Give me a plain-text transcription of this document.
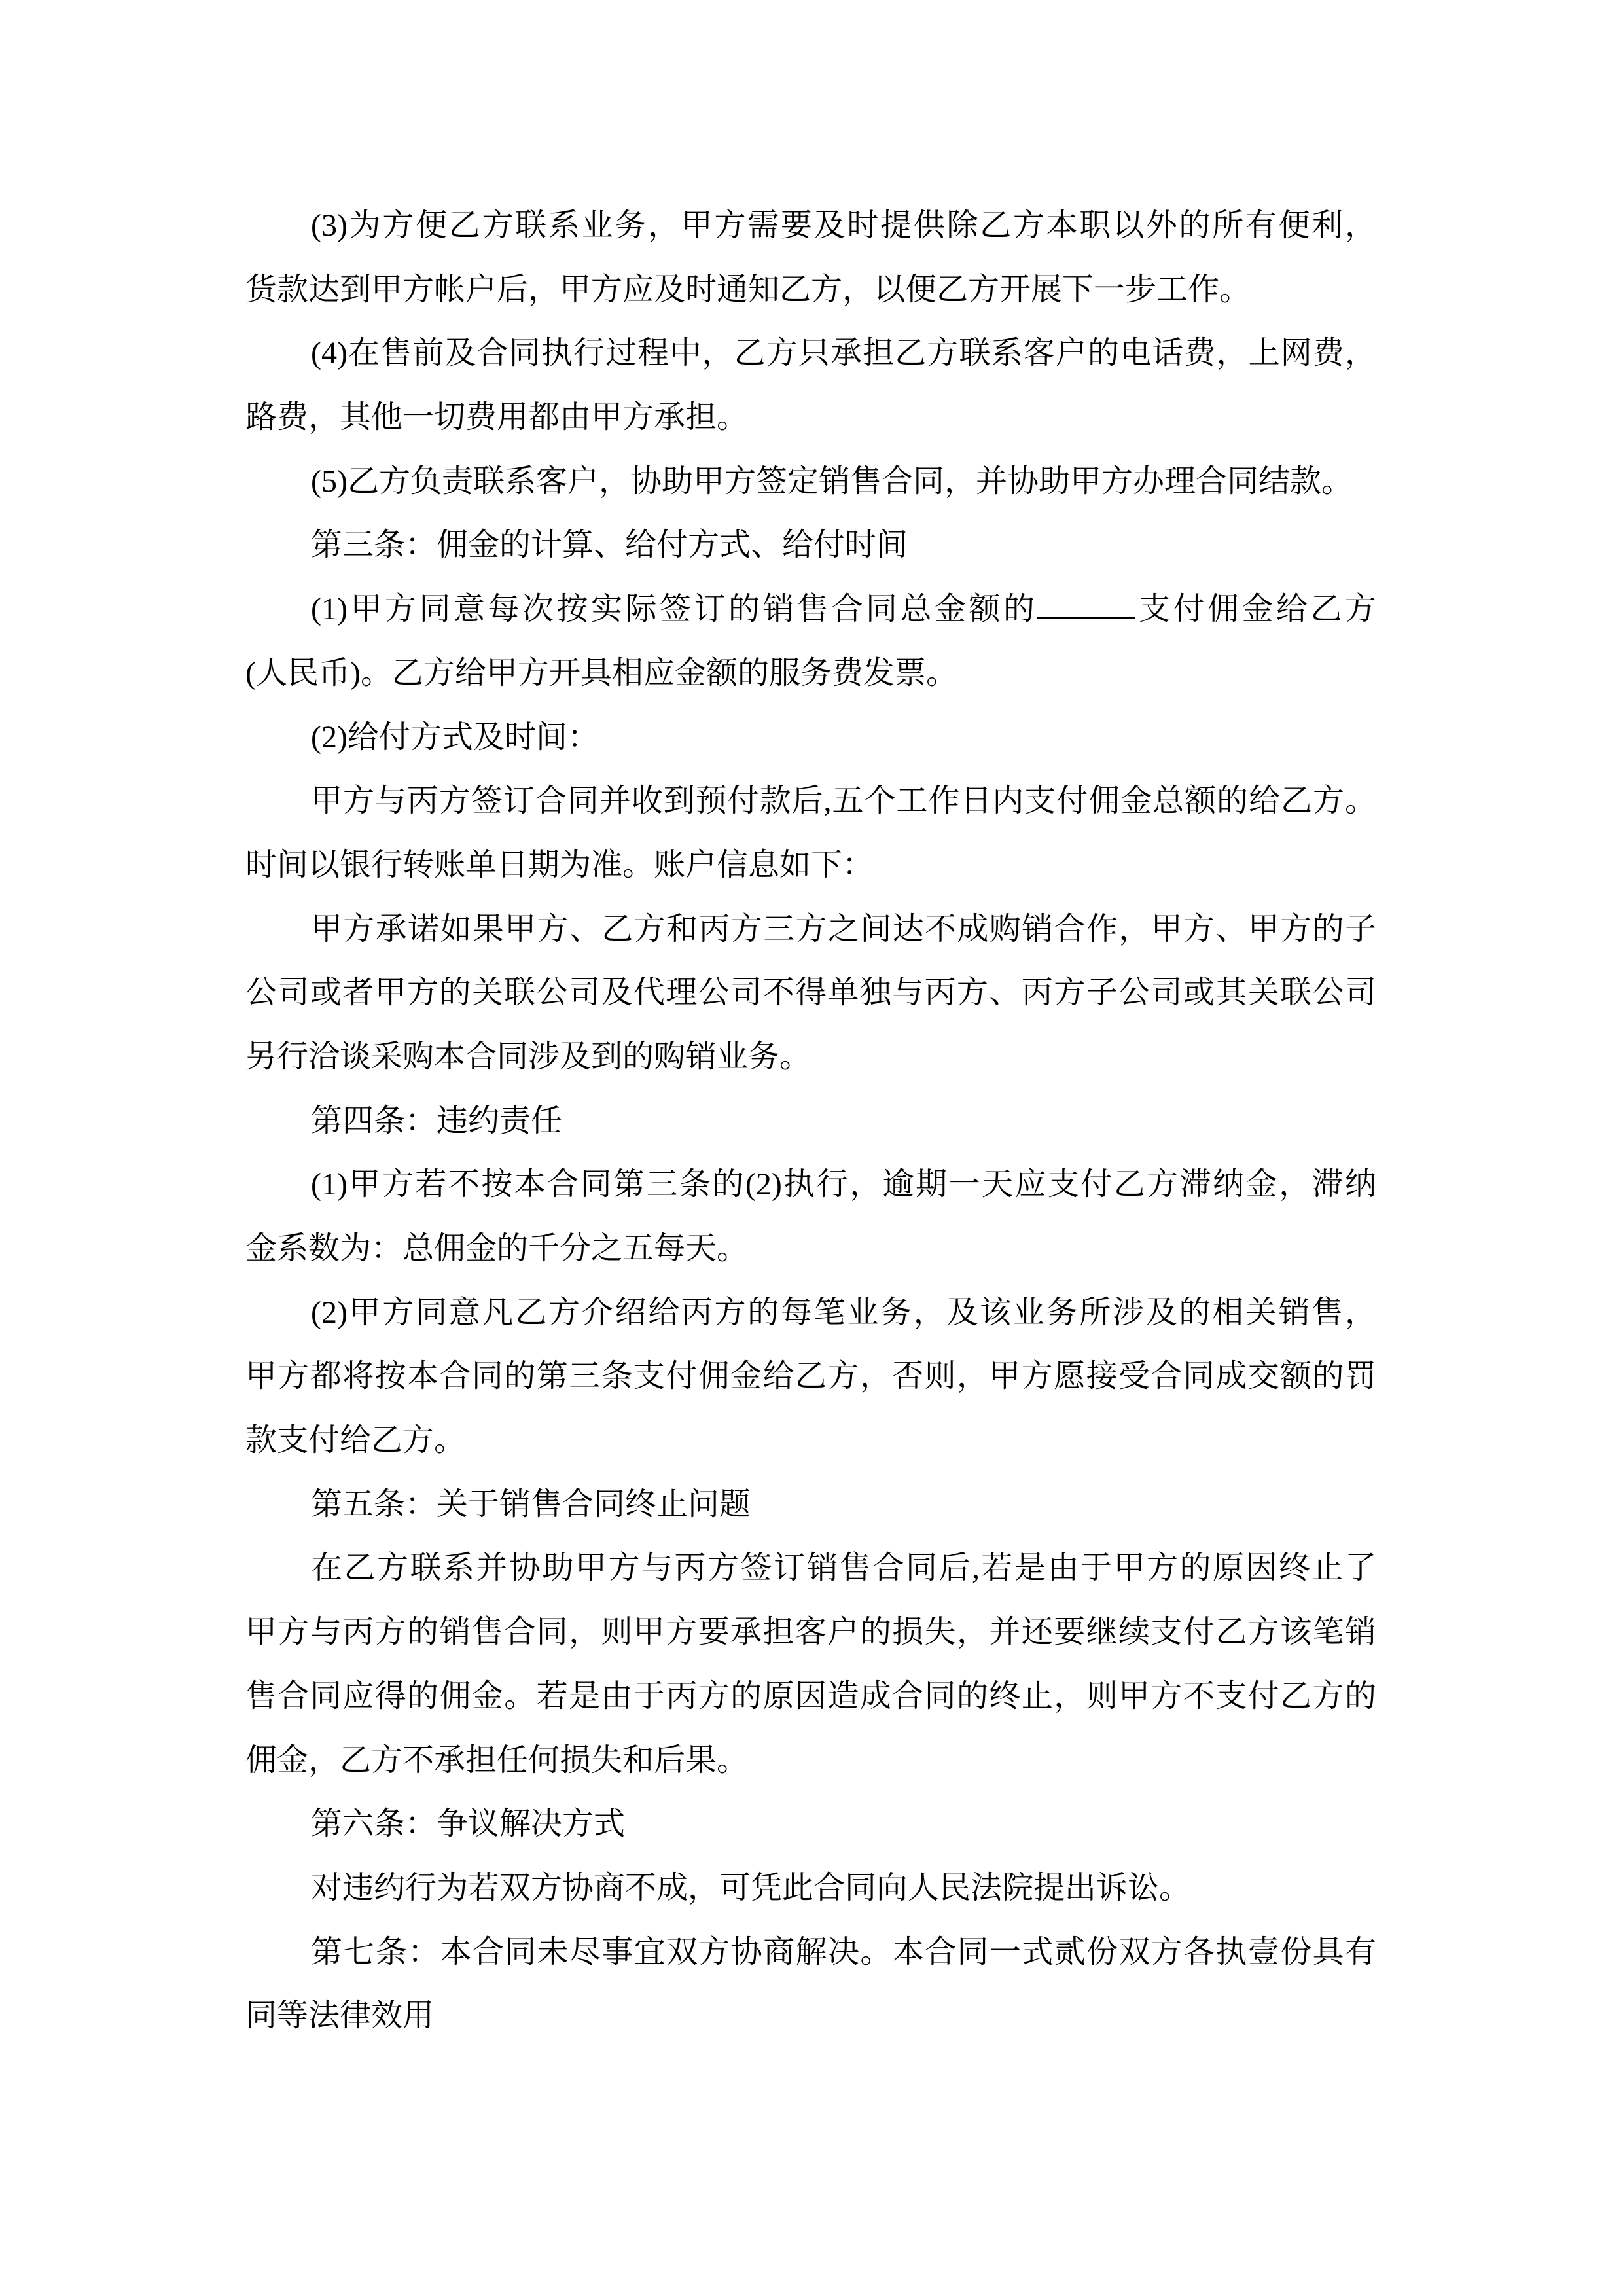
(3)为方便乙方联系业务，甲方需要及时提供除乙方本职以外的所有便利，
货款达到甲方帐户后，甲方应及时通知乙方，以便乙方开展下一步工作。
(4)在售前及合同执行过程中，乙方只承担乙方联系客户的电话费，上网费，
路费，其他一切费用都由甲方承担。
(5)乙方负责联系客户，协助甲方签定销售合同，并协助甲方办理合同结款。
第三条：佣金的计算、给付方式、给付时间
(1)甲方同意每次按实际签订的销售合同总金额的	支付佣金给乙方
(人民币)。乙方给甲方开具相应金额的服务费发票。
(2)给付方式及时间：
甲方与丙方签订合同并收到预付款后,五个工作日内支付佣金总额的给乙方。
时间以银行转账单日期为准。账户信息如下：
甲方承诺如果甲方、乙方和丙方三方之间达不成购销合作，甲方、甲方的子
公司或者甲方的关联公司及代理公司不得单独与丙方、丙方子公司或其关联公司
另行洽谈采购本合同涉及到的购销业务。
第四条：违约责任
(1)甲方若不按本合同第三条的(2)执行，逾期一天应支付乙方滞纳金，滞纳
金系数为：总佣金的千分之五每天。
(2)甲方同意凡乙方介绍给丙方的每笔业务，及该业务所涉及的相关销售，
甲方都将按本合同的第三条支付佣金给乙方，否则，甲方愿接受合同成交额的罚
款支付给乙方。
第五条：关于销售合同终止问题
在乙方联系并协助甲方与丙方签订销售合同后,若是由于甲方的原因终止了
甲方与丙方的销售合同，则甲方要承担客户的损失，并还要继续支付乙方该笔销
售合同应得的佣金。若是由于丙方的原因造成合同的终止，则甲方不支付乙方的
佣金，乙方不承担任何损失和后果。
第六条：争议解决方式
对违约行为若双方协商不成，可凭此合同向人民法院提出诉讼。
第七条：本合同未尽事宜双方协商解决。本合同一式贰份双方各执壹份具有
同等法律效用
